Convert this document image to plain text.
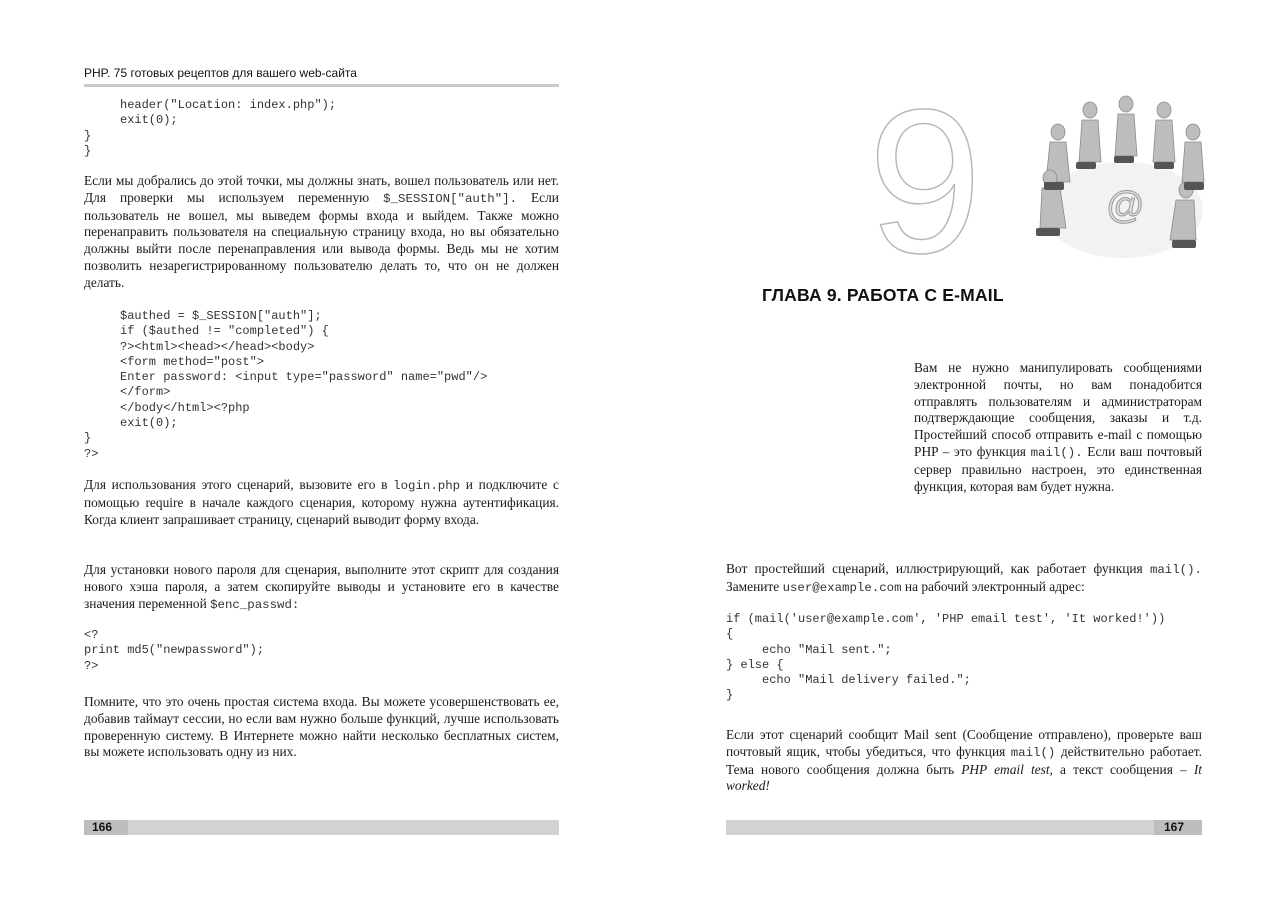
PHP. 75 готовых рецептов для вашего web-сайта
header("Location: index.php");
exit(0);
}
}

Если мы добрались до этой точки, мы должны знать, вошел пользователь или нет. Для проверки мы используем переменную $_SESSION["auth"]. Если пользователь не вошел, мы выведем формы входа и выйдем. Также можно перенаправить пользователя на специальную страницу входа, но вы обязательно должны выйти после перенаправления или вывода формы. Ведь мы не хотим позволить незарегистрированному пользователю делать то, что он не должен делать.

$authed = $_SESSION["auth"];
if ($authed != "completed") {
?><html><head></head><body>
<form method="post">
Enter password: <input type="password" name="pwd"/>
</form>
</body</html><?php
exit(0);
}
?>

Для использования этого сценарий, вызовите его в login.php и подключите с помощью require в начале каждого сценария, которому нужна аутентификация. Когда клиент запрашивает страницу, сценарий выводит форму входа.

Для установки нового пароля для сценария, выполните этот скрипт для создания нового хэша пароля, а затем скопируйте выводы и установите его в качестве значения переменной $enc_passwd:

<?
print md5("newpassword");
?>

Помните, что это очень простая система входа. Вы можете усовершенствовать ее, добавив таймаут сессии, но если вам нужно больше функций, лучше использовать проверенную систему. В Интернете можно найти несколько бесплатных систем, вы можете использовать одну из них.

166
9	@
ГЛАВА 9. РАБОТА С E-MAIL

Вам не нужно манипулировать сообщениями электронной почты, но вам понадобится отправлять пользователям и администраторам подтверждающие сообщения, заказы и т.д. Простейший способ отправить e-mail с помощью PHP – это функция mail(). Если ваш почтовый сервер правильно настроен, это единственная функция, которая вам будет нужна.

Вот простейший сценарий, иллюстрирующий, как работает функция mail(). Замените user@example.com на рабочий электронный адрес:

if (mail('user@example.com', 'PHP email test', 'It worked!'))
{
echo "Mail sent.";
} else {
echo "Mail delivery failed.";
}

Если этот сценарий сообщит Mail sent (Сообщение отправлено), проверьте ваш почтовый ящик, чтобы убедиться, что функция mail() действительно работает. Тема нового сообщения должна быть PHP email test, а текст сообщения – It worked!

167
